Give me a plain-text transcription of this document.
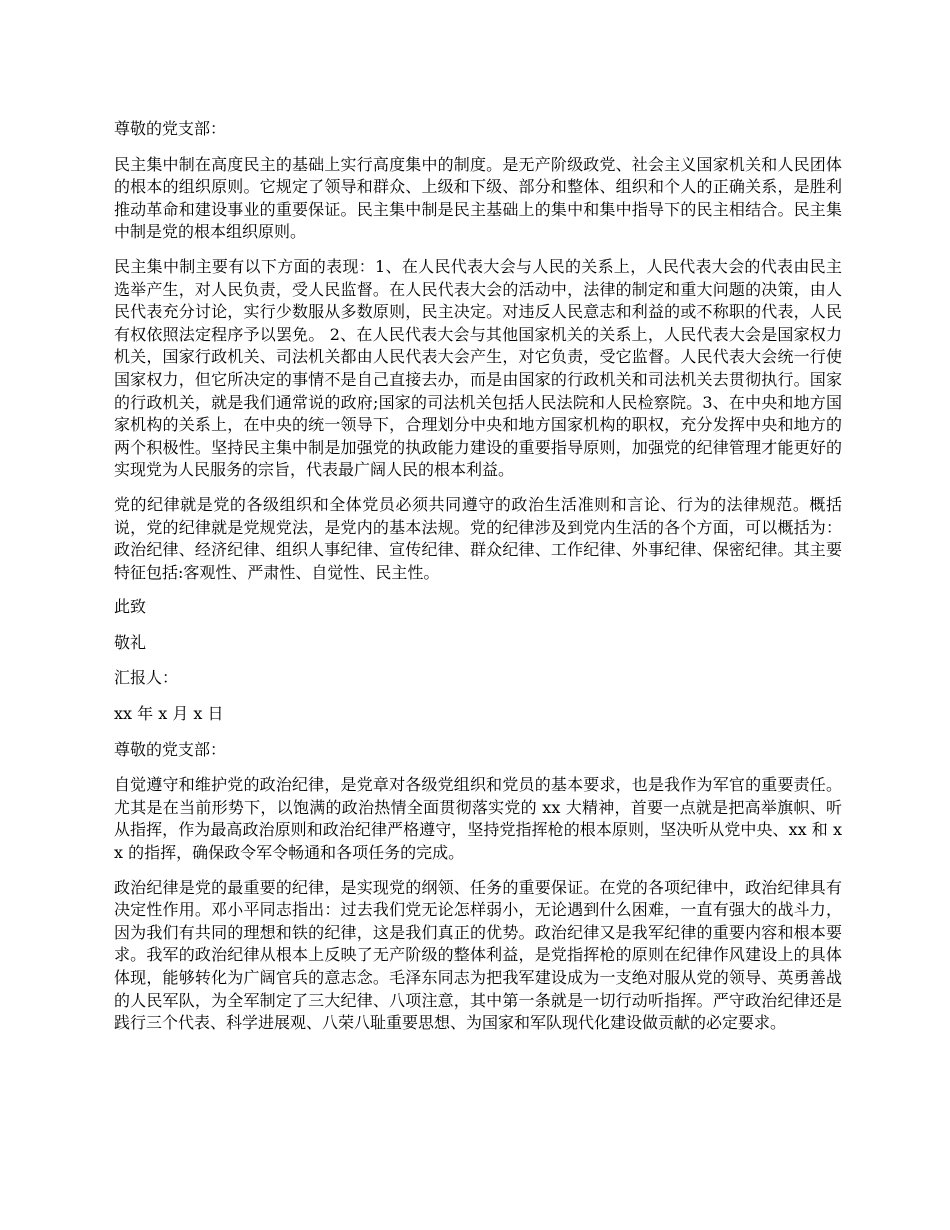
尊敬的党支部：

民主集中制在高度民主的基础上实行高度集中的制度。是无产阶级政党、社会主义国家机关和人民团体的根本的组织原则。它规定了领导和群众、上级和下级、部分和整体、组织和个人的正确关系，是胜利推动革命和建设事业的重要保证。民主集中制是民主基础上的集中和集中指导下的民主相结合。民主集中制是党的根本组织原则。

民主集中制主要有以下方面的表现：1、在人民代表大会与人民的关系上，人民代表大会的代表由民主选举产生，对人民负责，受人民监督。在人民代表大会的活动中，法律的制定和重大问题的决策，由人民代表充分讨论，实行少数服从多数原则，民主决定。对违反人民意志和利益的或不称职的代表，人民有权依照法定程序予以罢免。 2、在人民代表大会与其他国家机关的关系上，人民代表大会是国家权力机关，国家行政机关、司法机关都由人民代表大会产生，对它负责，受它监督。人民代表大会统一行使国家权力，但它所决定的事情不是自己直接去办，而是由国家的行政机关和司法机关去贯彻执行。国家的行政机关，就是我们通常说的政府;国家的司法机关包括人民法院和人民检察院。3、在中央和地方国家机构的关系上，在中央的统一领导下，合理划分中央和地方国家机构的职权，充分发挥中央和地方的两个积极性。坚持民主集中制是加强党的执政能力建设的重要指导原则，加强党的纪律管理才能更好的实现党为人民服务的宗旨，代表最广阔人民的根本利益。

党的纪律就是党的各级组织和全体党员必须共同遵守的政治生活准则和言论、行为的法律规范。概括说，党的纪律就是党规党法，是党内的基本法规。党的纪律涉及到党内生活的各个方面，可以概括为：政治纪律、经济纪律、组织人事纪律、宣传纪律、群众纪律、工作纪律、外事纪律、保密纪律。其主要特征包括:客观性、严肃性、自觉性、民主性。

此致

敬礼

汇报人：

xx 年 x 月 x 日

尊敬的党支部：

自觉遵守和维护党的政治纪律，是党章对各级党组织和党员的基本要求，也是我作为军官的重要责任。尤其是在当前形势下，以饱满的政治热情全面贯彻落实党的 xx 大精神，首要一点就是把高举旗帜、听从指挥，作为最高政治原则和政治纪律严格遵守，坚持党指挥枪的根本原则，坚决听从党中央、xx 和 xx 的指挥，确保政令军令畅通和各项任务的完成。

政治纪律是党的最重要的纪律，是实现党的纲领、任务的重要保证。在党的各项纪律中，政治纪律具有决定性作用。邓小平同志指出：过去我们党无论怎样弱小，无论遇到什么困难，一直有强大的战斗力，因为我们有共同的理想和铁的纪律，这是我们真正的优势。政治纪律又是我军纪律的重要内容和根本要求。我军的政治纪律从根本上反映了无产阶级的整体利益，是党指挥枪的原则在纪律作风建设上的具体体现，能够转化为广阔官兵的意志念。毛泽东同志为把我军建设成为一支绝对服从党的领导、英勇善战的人民军队，为全军制定了三大纪律、八项注意，其中第一条就是一切行动听指挥。严守政治纪律还是践行三个代表、科学进展观、八荣八耻重要思想、为国家和军队现代化建设做贡献的必定要求。
